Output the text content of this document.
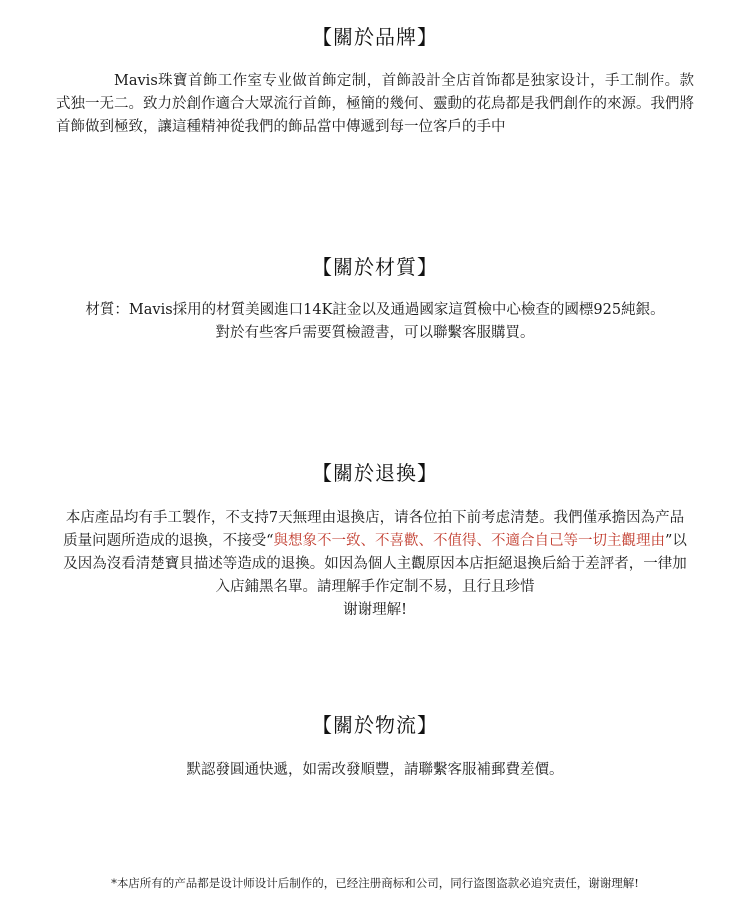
【關於品牌】
Mavis珠寶首飾工作室专业做首飾定制，首飾設計全店首饰都是独家设计，手工制作。款式独一无二。致力於創作適合大眾流行首飾，極簡的幾何、靈動的花鳥都是我們創作的來源。我們將首飾做到極致，讓這種精神從我們的飾品當中傳遞到每一位客戶的手中
【關於材質】
材質：Mavis採用的材質美國進口14K註金以及通過國家這質檢中心檢查的國標925純銀。
對於有些客戶需要質檢證書，可以聯繫客服購買。
【關於退換】
本店產品均有手工製作，不支持7天無理由退換店，请各位拍下前考虑清楚。我們僅承擔因為产品质量问题所造成的退換，不接受“與想象不一致、不喜歡、不值得、不適合自己等一切主觀理由”以及因為沒看清楚寶貝描述等造成的退換。如因為個人主觀原因本店拒絕退換后給于差評者，一律加入店鋪黑名單。請理解手作定制不易，且行且珍惜
谢谢理解!
【關於物流】
默認發圓通快遞，如需改發順豐，請聯繫客服補郵費差價。
*本店所有的产品都是设计师设计后制作的，已经注册商标和公司，同行盗图盗款必追究责任，谢谢理解!
